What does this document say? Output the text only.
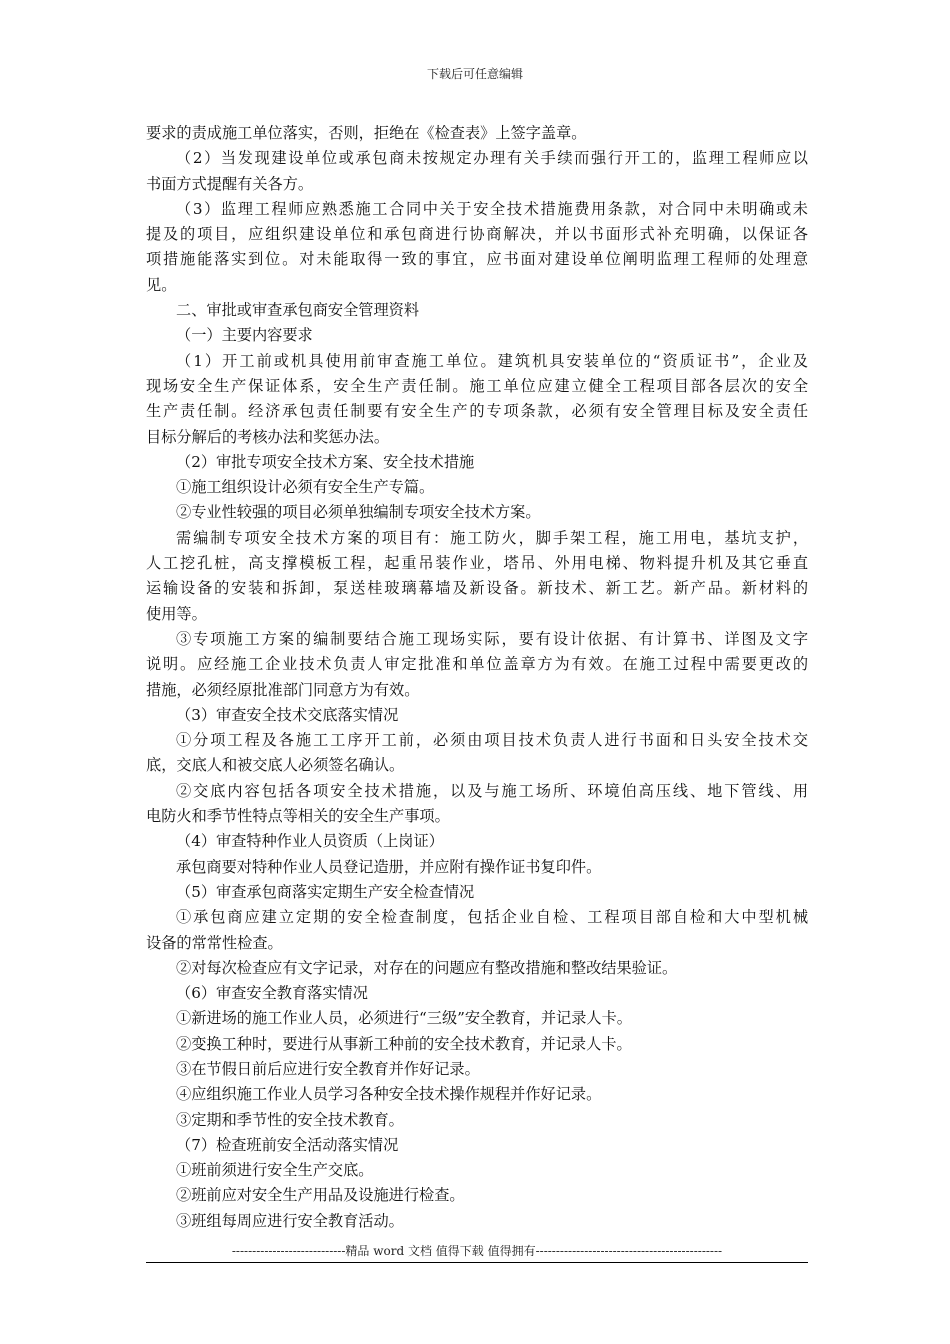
下载后可任意编辑
要求的责成施工单位落实，否则，拒绝在《检查表》上签字盖章。
（2）当发现建设单位或承包商未按规定办理有关手续而强行开工的，监理工程师应以
书面方式提醒有关各方。
（3）监理工程师应熟悉施工合同中关于安全技术措施费用条款，对合同中未明确或未
提及的项目，应组织建设单位和承包商进行协商解决，并以书面形式补充明确，以保证各
项措施能落实到位。对未能取得一致的事宜，应书面对建设单位阐明监理工程师的处理意
见。
二、审批或审查承包商安全管理资料
（一）主要内容要求
（1）开工前或机具使用前审查施工单位。建筑机具安装单位的“资质证书”，企业及
现场安全生产保证体系，安全生产责任制。施工单位应建立健全工程项目部各层次的安全
生产责任制。经济承包责任制要有安全生产的专项条款，必须有安全管理目标及安全责任
目标分解后的考核办法和奖惩办法。
（2）审批专项安全技术方案、安全技术措施
①施工组织设计必须有安全生产专篇。
②专业性较强的项目必须单独编制专项安全技术方案。
需编制专项安全技术方案的项目有：施工防火，脚手架工程，施工用电，基坑支护，
人工挖孔桩，高支撑模板工程，起重吊装作业，塔吊、外用电梯、物料提升机及其它垂直
运输设备的安装和拆卸，泵送桂玻璃幕墙及新设备。新技术、新工艺。新产品。新材料的
使用等。
③专项施工方案的编制要结合施工现场实际，要有设计依据、有计算书、详图及文字
说明。应经施工企业技术负责人审定批准和单位盖章方为有效。在施工过程中需要更改的
措施，必须经原批准部门同意方为有效。
（3）审查安全技术交底落实情况
①分项工程及各施工工序开工前，必须由项目技术负责人进行书面和日头安全技术交
底，交底人和被交底人必须签名确认。
②交底内容包括各项安全技术措施，以及与施工场所、环境伯高压线、地下管线、用
电防火和季节性特点等相关的安全生产事项。
（4）审查特种作业人员资质（上岗证）
承包商要对特种作业人员登记造册，并应附有操作证书复印件。
（5）审查承包商落实定期生产安全检查情况
①承包商应建立定期的安全检查制度，包括企业自检、工程项目部自检和大中型机械
设备的常常性检查。
②对每次检查应有文字记录，对存在的问题应有整改措施和整改结果验证。
（6）审查安全教育落实情况
①新进场的施工作业人员，必须进行“三级”安全教育，并记录人卡。
②变换工种时，要进行从事新工种前的安全技术教育，并记录人卡。
③在节假日前后应进行安全教育并作好记录。
④应组织施工作业人员学习各种安全技术操作规程并作好记录。
③定期和季节性的安全技术教育。
（7）检查班前安全活动落实情况
①班前须进行安全生产交底。
②班前应对安全生产用品及设施进行检查。
③班组每周应进行安全教育活动。
----------------------------精品 word 文档 值得下载 值得拥有----------------------------------------------
